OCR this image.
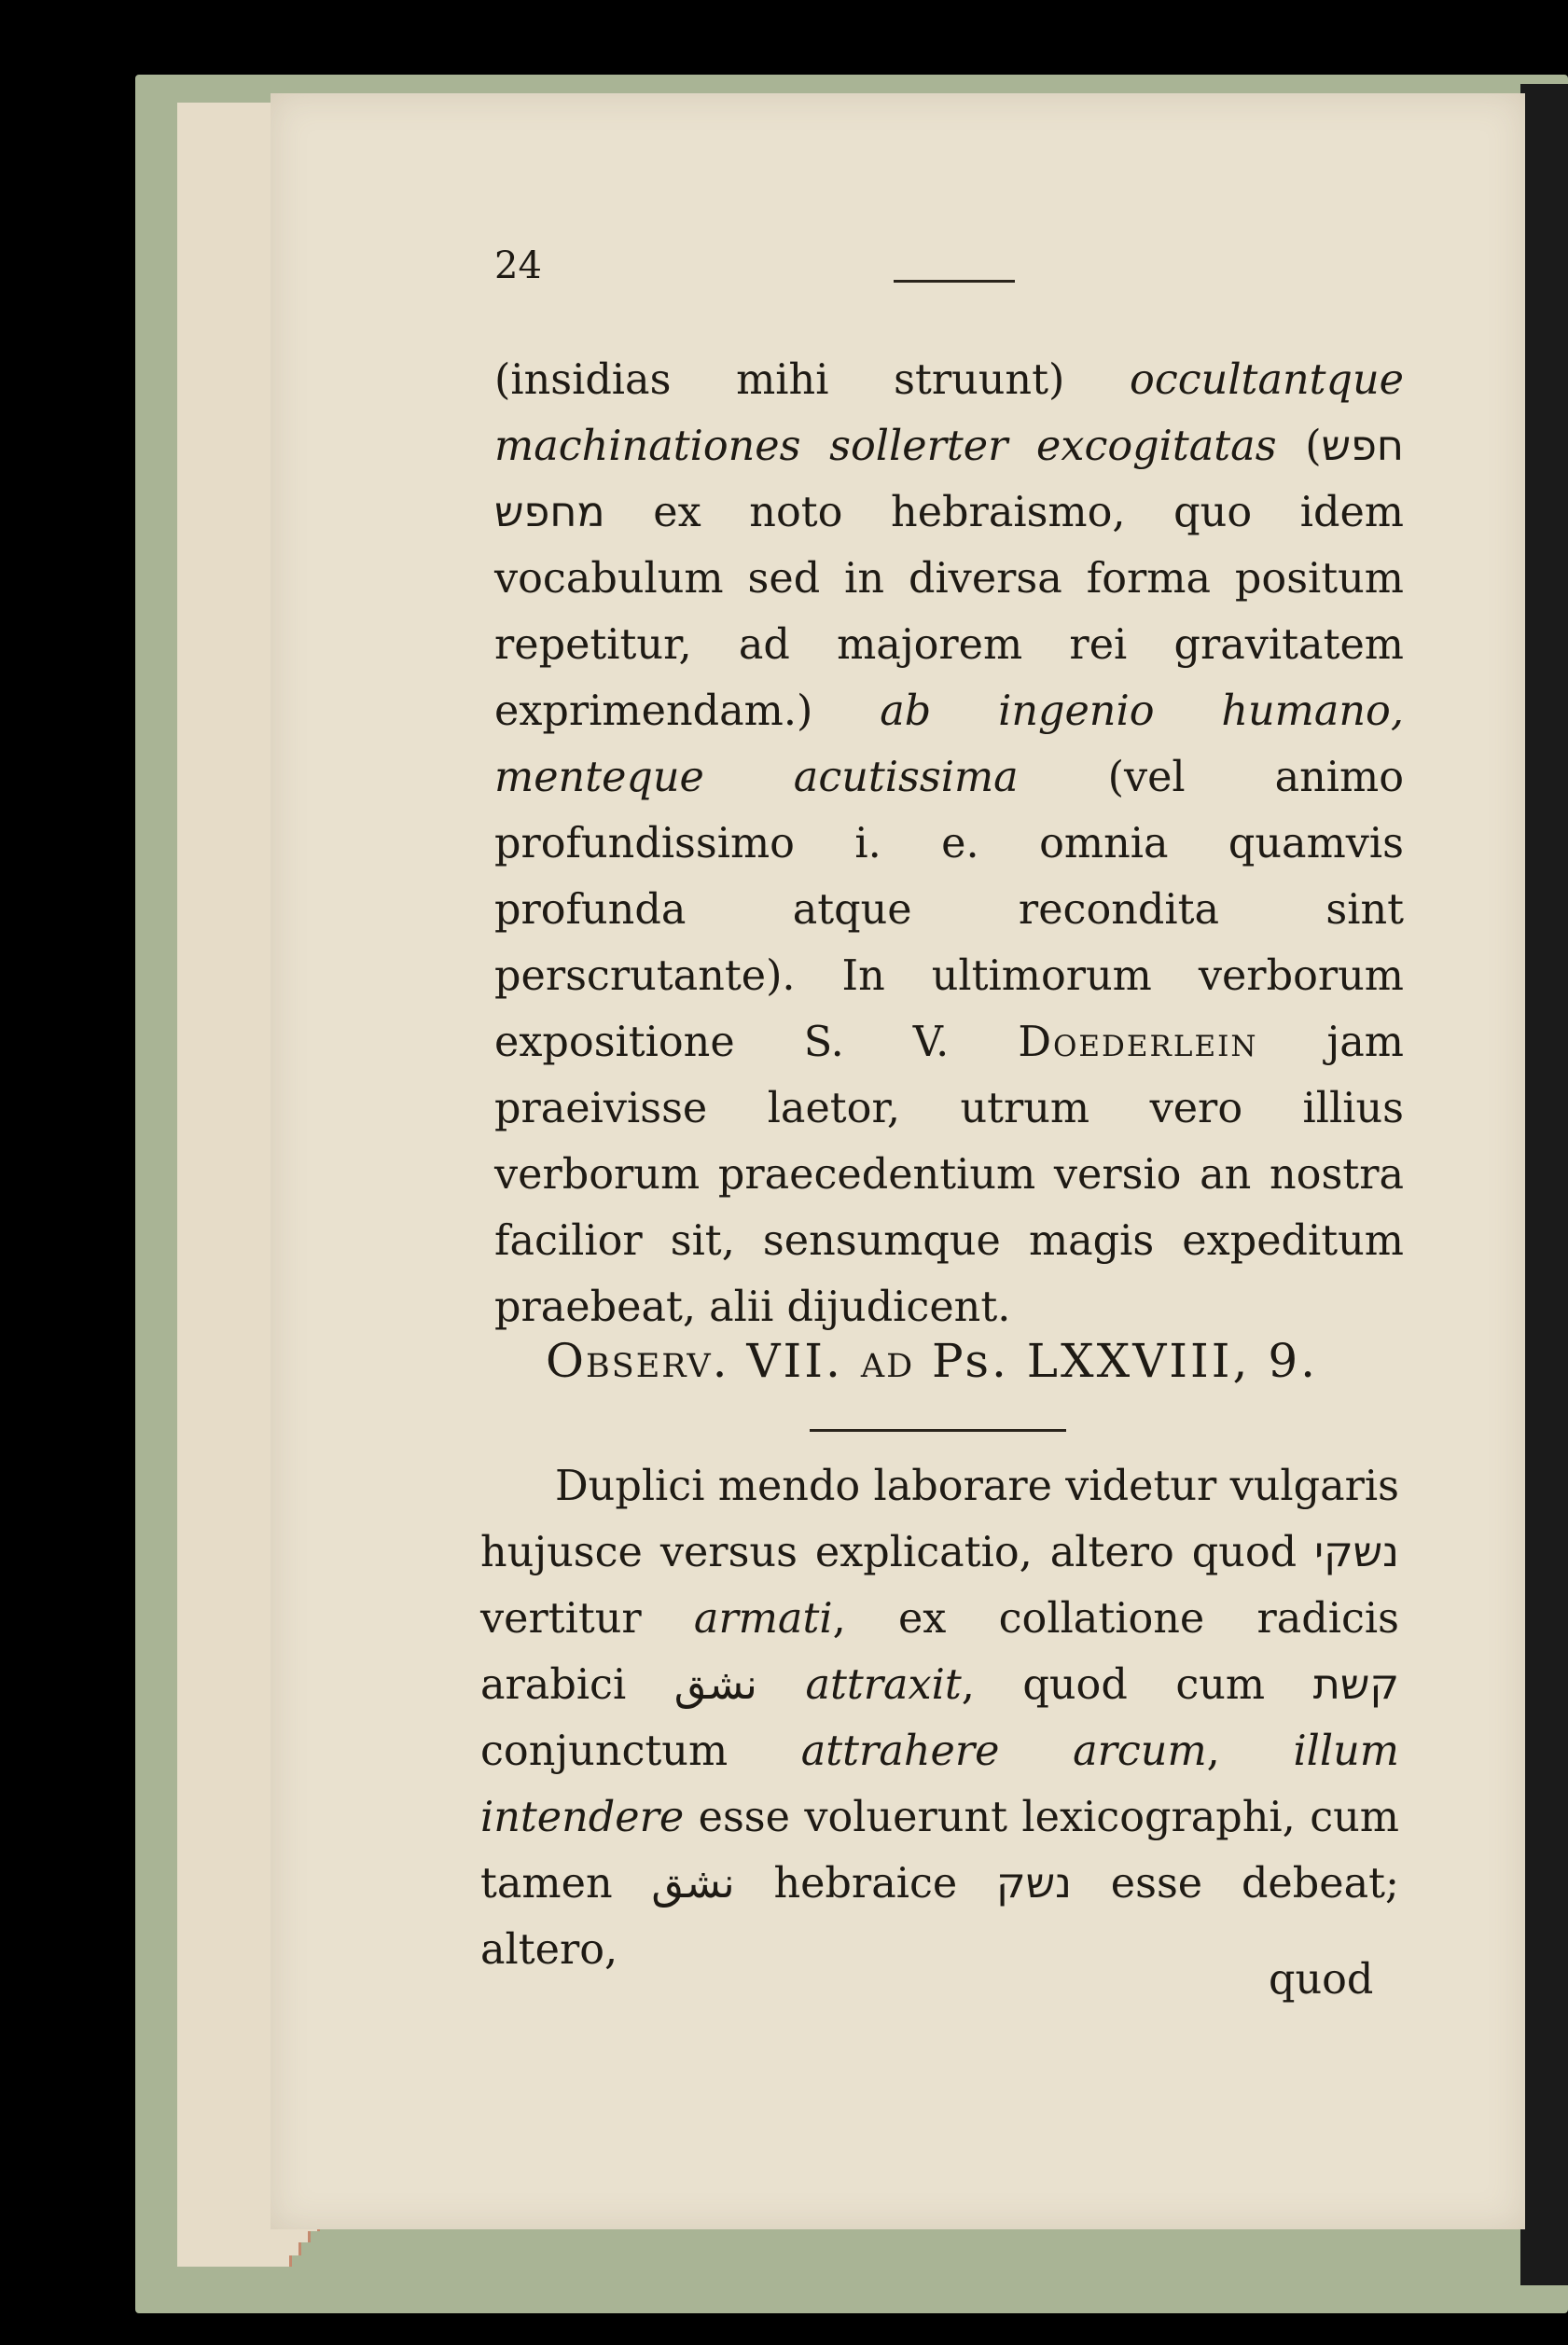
24
(insidias mihi struunt) occultantque machinationes sollerter excogitatas (חפש מחפש ex noto hebraismo, quo idem vocabulum sed in diversa forma positum repetitur, ad majorem rei gravitatem exprimendam.) ab ingenio humano, menteque acutissima (vel animo profundissimo i. e. omnia quamvis profunda atque recondita sint perscrutante). In ultimorum verborum expositione S. V. Doederlein jam praeivisse laetor, utrum vero illius verborum praecedentium versio an nostra facilior sit, sensumque magis expeditum praebeat, alii dijudicent.
Observ. VII. ad Ps. LXXVIII, 9.
Duplici mendo laborare videtur vulgaris hujusce versus explicatio, altero quod נשקי vertitur armati, ex collatione radicis arabici نشق attraxit, quod cum קשת conjunctum attrahere arcum, illum intendere esse voluerunt lexicographi, cum tamen نشق hebraice נשק esse debeat; altero,
quod
